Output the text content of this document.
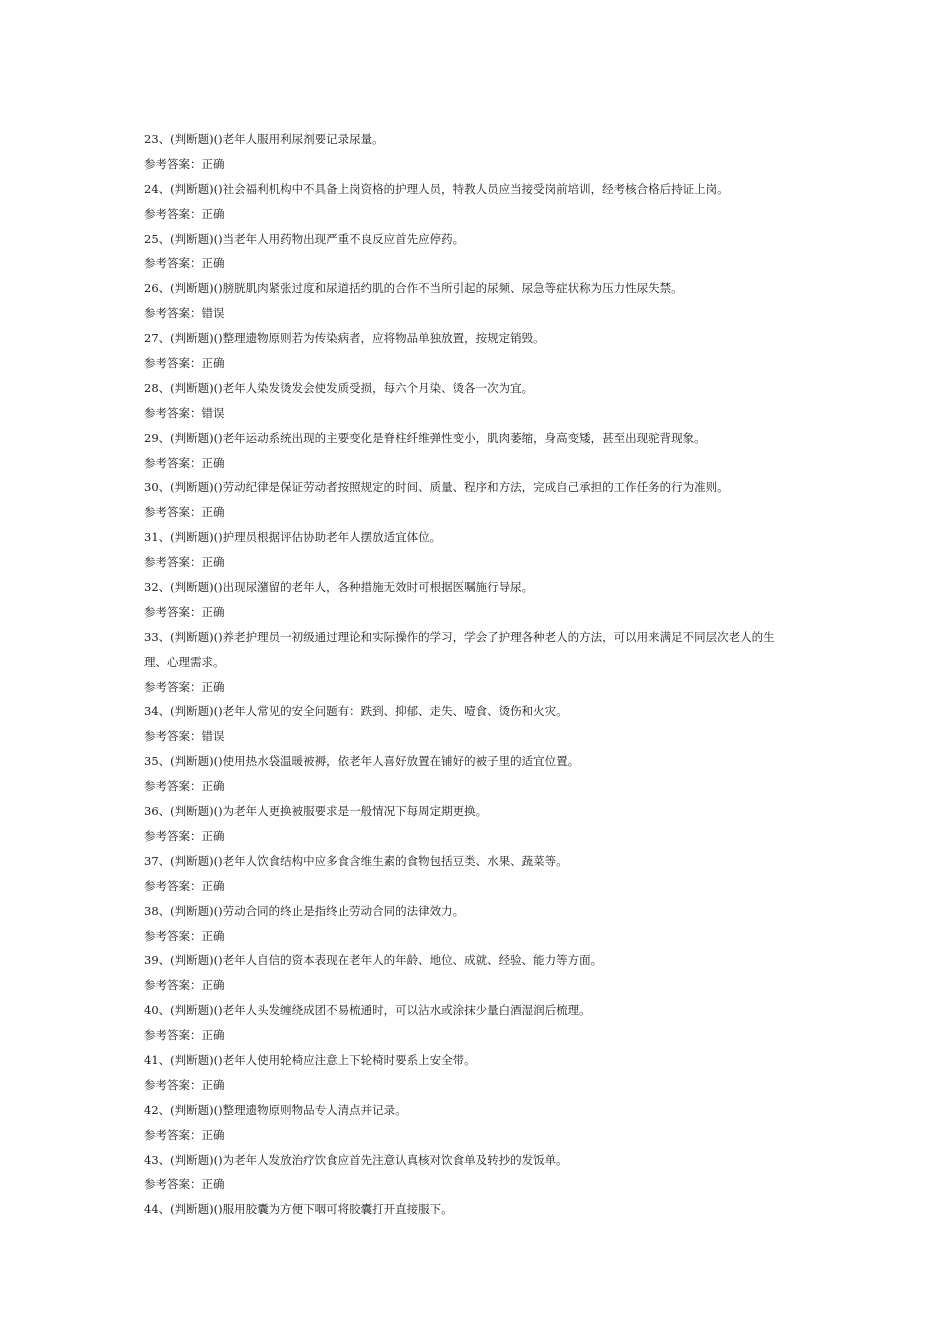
23、(判断题)()老年人服用利尿剂要记录尿量。
参考答案：正确
24、(判断题)()社会福利机构中不具备上岗资格的护理人员，特教人员应当接受岗前培训，经考核合格后持证上岗。
参考答案：正确
25、(判断题)()当老年人用药物出现严重不良反应首先应停药。
参考答案：正确
26、(判断题)()膀胱肌肉紧张过度和尿道括约肌的合作不当所引起的尿频、尿急等症状称为压力性尿失禁。
参考答案：错误
27、(判断题)()整理遗物原则若为传染病者，应将物品单独放置，按规定销毁。
参考答案：正确
28、(判断题)()老年人染发烫发会使发质受损，每六个月染、烫各一次为宜。
参考答案：错误
29、(判断题)()老年运动系统出现的主要变化是脊柱纤维弹性变小，肌肉萎缩，身高变矮，甚至出现驼背现象。
参考答案：正确
30、(判断题)()劳动纪律是保证劳动者按照规定的时间、质量、程序和方法，完成自己承担的工作任务的行为准则。
参考答案：正确
31、(判断题)()护理员根据评估协助老年人摆放适宜体位。
参考答案：正确
32、(判断题)()出现尿潴留的老年人，各种措施无效时可根据医嘱施行导尿。
参考答案：正确
33、(判断题)()养老护理员一初级通过理论和实际操作的学习，学会了护理各种老人的方法，可以用来满足不同层次老人的生
理、心理需求。
参考答案：正确
34、(判断题)()老年人常见的安全问题有：跌到、抑郁、走失、噎食、烫伤和火灾。
参考答案：错误
35、(判断题)()使用热水袋温暖被褥，依老年人喜好放置在铺好的被子里的适宜位置。
参考答案：正确
36、(判断题)()为老年人更换被服要求是一般情况下每周定期更换。
参考答案：正确
37、(判断题)()老年人饮食结构中应多食含维生素的食物包括豆类、水果、蔬菜等。
参考答案：正确
38、(判断题)()劳动合同的终止是指终止劳动合同的法律效力。
参考答案：正确
39、(判断题)()老年人自信的资本表现在老年人的年龄、地位、成就、经验、能力等方面。
参考答案：正确
40、(判断题)()老年人头发缠绕成团不易梳通时，可以沾水或涂抹少量白酒湿润后梳理。
参考答案：正确
41、(判断题)()老年人使用轮椅应注意上下轮椅时要系上安全带。
参考答案：正确
42、(判断题)()整理遗物原则物品专人清点并记录。
参考答案：正确
43、(判断题)()为老年人发放治疗饮食应首先注意认真核对饮食单及转抄的发饭单。
参考答案：正确
44、(判断题)()服用胶囊为方便下咽可将胶囊打开直接服下。
